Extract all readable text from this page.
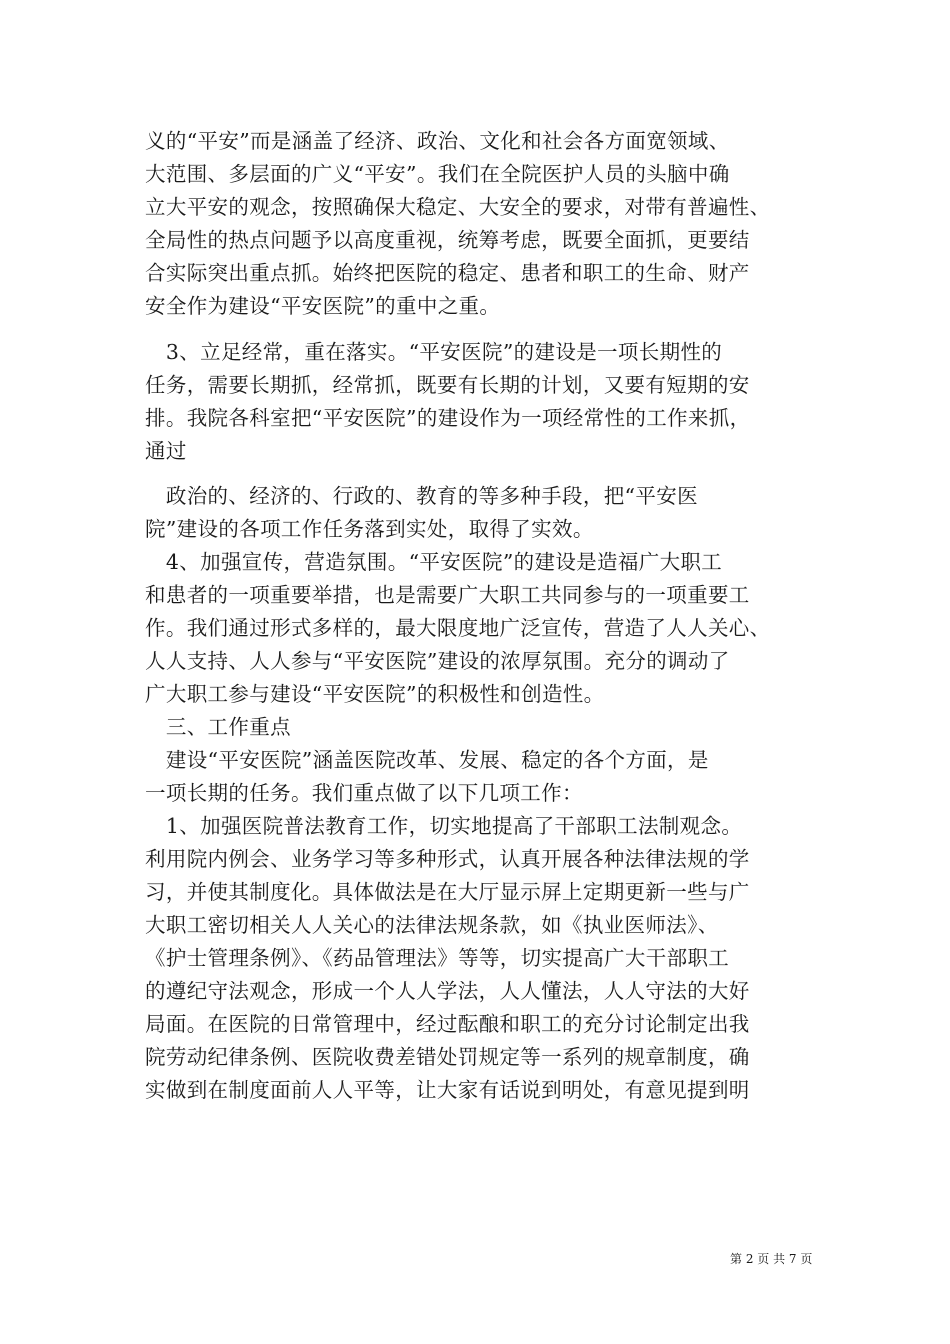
义的“平安”而是涵盖了经济、政治、文化和社会各方面宽领域、
大范围、多层面的广义“平安”。我们在全院医护人员的头脑中确
立大平安的观念，按照确保大稳定、大安全的要求，对带有普遍性、
全局性的热点问题予以高度重视，统筹考虑，既要全面抓，更要结
合实际突出重点抓。始终把医院的稳定、患者和职工的生命、财产
安全作为建设“平安医院”的重中之重。
　3、立足经常，重在落实。“平安医院”的建设是一项长期性的
任务，需要长期抓，经常抓，既要有长期的计划，又要有短期的安
排。我院各科室把“平安医院”的建设作为一项经常性的工作来抓，
通过
　政治的、经济的、行政的、教育的等多种手段，把“平安医
院”建设的各项工作任务落到实处，取得了实效。
　4、加强宣传，营造氛围。“平安医院”的建设是造福广大职工
和患者的一项重要举措，也是需要广大职工共同参与的一项重要工
作。我们通过形式多样的，最大限度地广泛宣传，营造了人人关心、
人人支持、人人参与“平安医院”建设的浓厚氛围。充分的调动了
广大职工参与建设“平安医院”的积极性和创造性。
　三、工作重点
　建设“平安医院”涵盖医院改革、发展、稳定的各个方面，是
一项长期的任务。我们重点做了以下几项工作：
　1、加强医院普法教育工作，切实地提高了干部职工法制观念。
利用院内例会、业务学习等多种形式，认真开展各种法律法规的学
习，并使其制度化。具体做法是在大厅显示屏上定期更新一些与广
大职工密切相关人人关心的法律法规条款，如《执业医师法》、
《护士管理条例》、《药品管理法》等等，切实提高广大干部职工
的遵纪守法观念，形成一个人人学法，人人懂法，人人守法的大好
局面。在医院的日常管理中，经过酝酿和职工的充分讨论制定出我
院劳动纪律条例、医院收费差错处罚规定等一系列的规章制度，确
实做到在制度面前人人平等，让大家有话说到明处，有意见提到明
第 2 页 共 7 页
